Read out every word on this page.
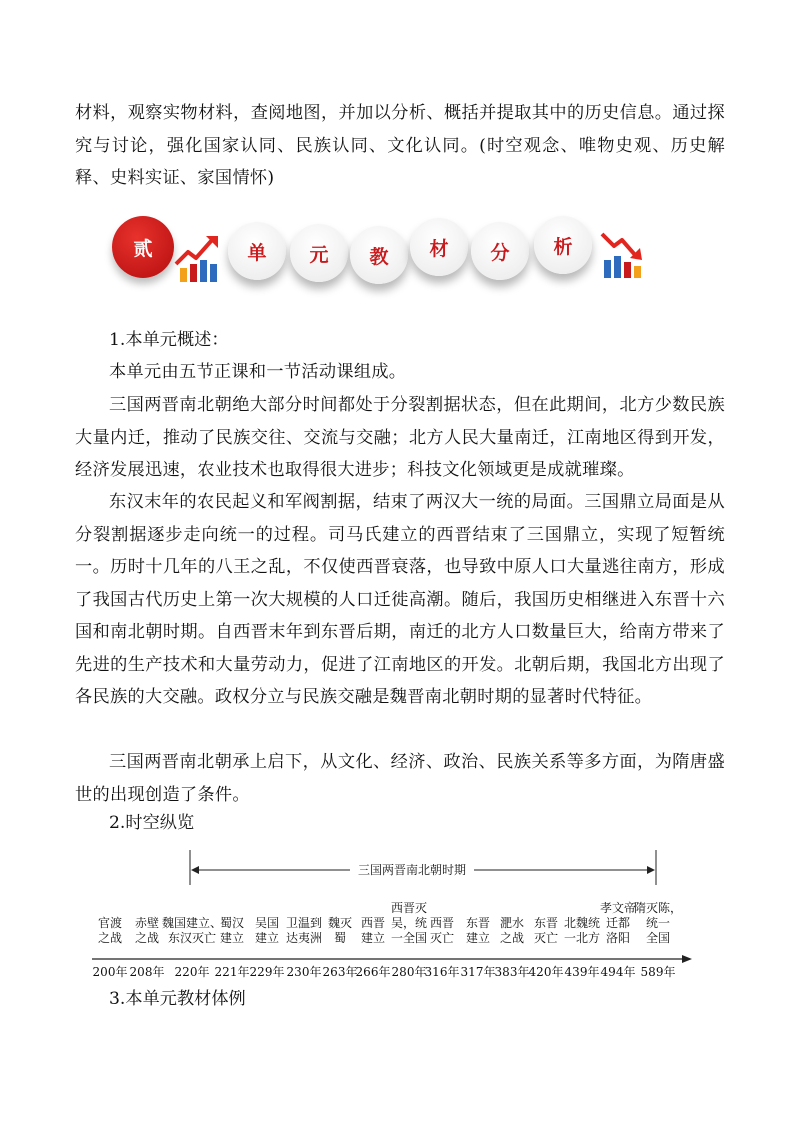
材料，观察实物材料，查阅地图，并加以分析、概括并提取其中的历史信息。通过探究与讨论，强化国家认同、民族认同、文化认同。(时空观念、唯物史观、历史解释、史料实证、家国情怀)

贰	单	元	教	材	分	析

1.本单元概述：

本单元由五节正课和一节活动课组成。

三国两晋南北朝绝大部分时间都处于分裂割据状态，但在此期间，北方少数民族大量内迁，推动了民族交往、交流与交融；北方人民大量南迁，江南地区得到开发，经济发展迅速，农业技术也取得很大进步；科技文化领域更是成就璀璨。

东汉末年的农民起义和军阀割据，结束了两汉大一统的局面。三国鼎立局面是从分裂割据逐步走向统一的过程。司马氏建立的西晋结束了三国鼎立，实现了短暂统一。历时十几年的八王之乱，不仅使西晋衰落，也导致中原人口大量逃往南方，形成了我国古代历史上第一次大规模的人口迁徙高潮。随后，我国历史相继进入东晋十六国和南北朝时期。自西晋末年到东晋后期，南迁的北方人口数量巨大，给南方带来了先进的生产技术和大量劳动力，促进了江南地区的开发。北朝后期，我国北方出现了各民族的大交融。政权分立与民族交融是魏晋南北朝时期的显著时代特征。

三国两晋南北朝承上启下，从文化、经济、政治、民族关系等多方面，为隋唐盛世的出现创造了条件。

2.时空纵览

三国两晋南北朝时期
官渡
之战
200年
赤壁
之战
208年
魏国建立、
东汉灭亡
220年
蜀汉
建立
221年
吴国
建立
229年
卫温到
达夷洲
230年
魏灭
蜀
263年
西晋
建立
266年
西晋灭
吴，统
一全国
280年
西晋
灭亡
316年
东晋
建立
317年
淝水
之战
383年
东晋
灭亡
420年
北魏统
一北方
439年
孝文帝
迁都
洛阳
494年
隋灭陈，
统一
全国
589年

3.本单元教材体例
